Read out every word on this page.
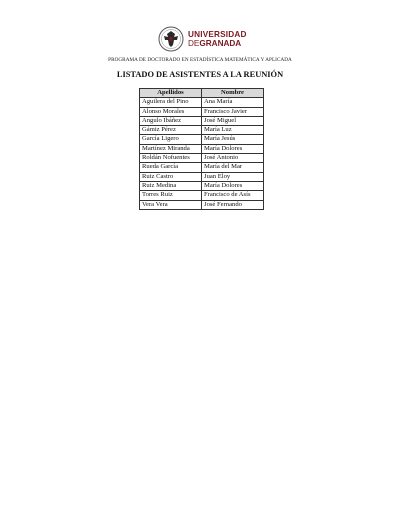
UNIVERSIDAD
DEGRANADA
PROGRAMA DE DOCTORADO EN ESTADÍSTICA MATEMÁTICA Y APLICADA
LISTADO DE ASISTENTES A LA REUNIÓN
Apellidos	Nombre
Aguilera del Pino	Ana María
Alonso Morales	Francisco Javier
Angulo Ibáñez	José Miguel
Gámiz Pérez	María Luz
García Ligero	María Jesús
Martínez Miranda	María Dolores
Roldán Nofuentes	José Antonio
Rueda García	María del Mar
Ruiz Castro	Juan Eloy
Ruiz Medina	María Dolores
Torres Ruiz	Francisco de Asís
Vera Vera	José Fernando
